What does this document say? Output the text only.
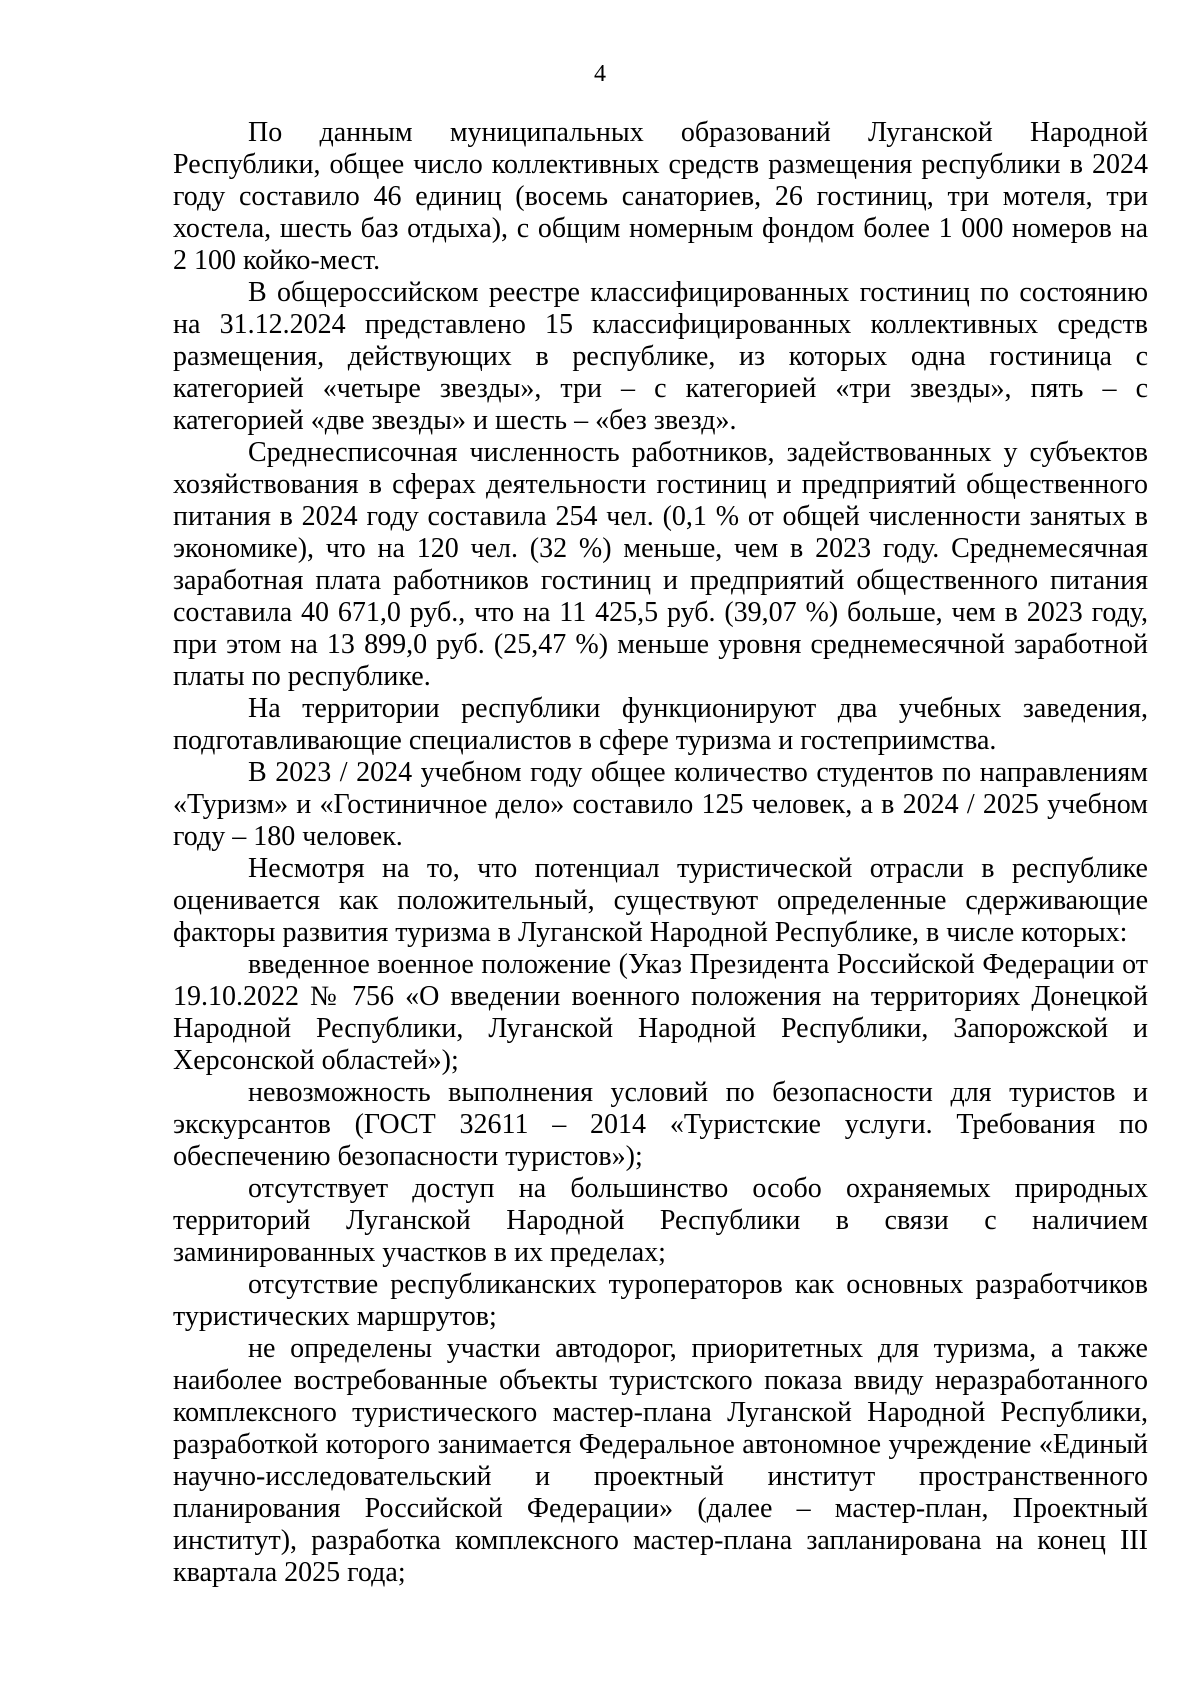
4

По данным муниципальных образований Луганской Народной Республики, общее число коллективных средств размещения республики в 2024 году составило 46 единиц (восемь санаториев, 26 гостиниц, три мотеля, три хостела, шесть баз отдыха), с общим номерным фондом более 1 000 номеров на 2 100 койко-мест.

В общероссийском реестре классифицированных гостиниц по состоянию на 31.12.2024 представлено 15 классифицированных коллективных средств размещения, действующих в республике, из которых одна гостиница с категорией «четыре звезды», три – с категорией «три звезды», пять – с категорией «две звезды» и шесть – «без звезд».

Среднесписочная численность работников, задействованных у субъектов хозяйствования в сферах деятельности гостиниц и предприятий общественного питания в 2024 году составила 254 чел. (0,1 % от общей численности занятых в экономике), что на 120 чел. (32 %) меньше, чем в 2023 году. Среднемесячная заработная плата работников гостиниц и предприятий общественного питания составила 40 671,0 руб., что на 11 425,5 руб. (39,07 %) больше, чем в 2023 году, при этом на 13 899,0 руб. (25,47 %) меньше уровня среднемесячной заработной платы по республике.

На территории республики функционируют два учебных заведения, подготавливающие специалистов в сфере туризма и гостеприимства.

В 2023 / 2024 учебном году общее количество студентов по направлениям «Туризм» и «Гостиничное дело» составило 125 человек, а в 2024 / 2025 учебном году – 180 человек.

Несмотря на то, что потенциал туристической отрасли в республике оценивается как положительный, существуют определенные сдерживающие факторы развития туризма в Луганской Народной Республике, в числе которых:

введенное военное положение (Указ Президента Российской Федерации от 19.10.2022 № 756 «О введении военного положения на территориях Донецкой Народной Республики, Луганской Народной Республики, Запорожской и Херсонской областей»);

невозможность выполнения условий по безопасности для туристов и экскурсантов (ГОСТ 32611 – 2014 «Туристские услуги. Требования по обеспечению безопасности туристов»);

отсутствует доступ на большинство особо охраняемых природных территорий Луганской Народной Республики в связи с наличием заминированных участков в их пределах;

отсутствие республиканских туроператоров как основных разработчиков туристических маршрутов;

не определены участки автодорог, приоритетных для туризма, а также наиболее востребованные объекты туристского показа ввиду неразработанного комплексного туристического мастер-плана Луганской Народной Республики, разработкой которого занимается Федеральное автономное учреждение «Единый научно-исследовательский и проектный институт пространственного планирования Российской Федерации» (далее – мастер-план, Проектный институт), разработка комплексного мастер-плана запланирована на конец III квартала 2025 года;
